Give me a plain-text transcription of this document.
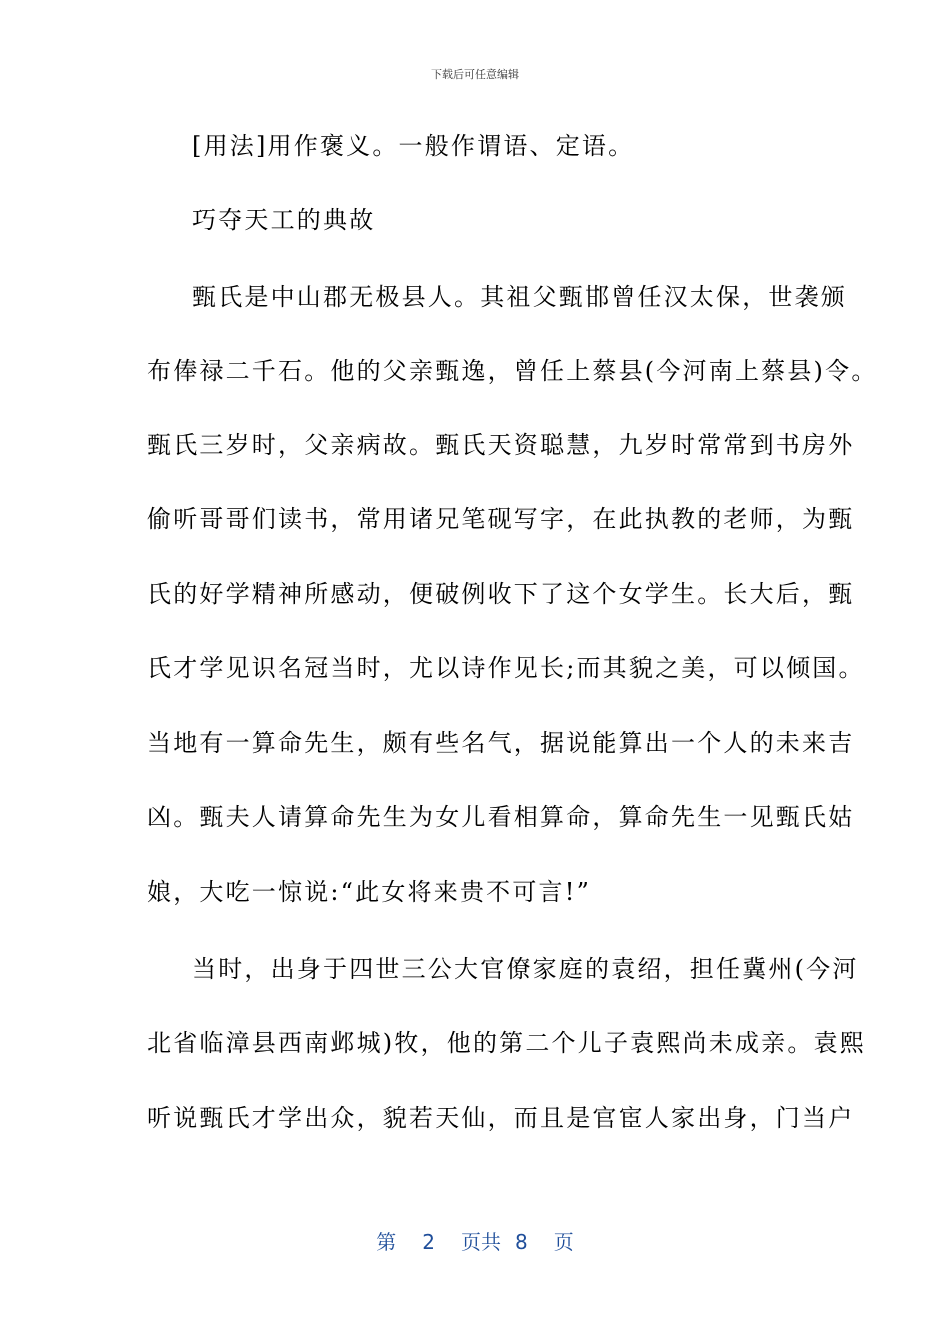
下载后可任意编辑
[用法]用作褒义。一般作谓语、定语。
巧夺天工的典故
甄氏是中山郡无极县人。其祖父甄邯曾任汉太保，世袭颁
布俸禄二千石。他的父亲甄逸，曾任上蔡县(今河南上蔡县)令。
甄氏三岁时，父亲病故。甄氏天资聪慧，九岁时常常到书房外
偷听哥哥们读书，常用诸兄笔砚写字，在此执教的老师，为甄
氏的好学精神所感动，便破例收下了这个女学生。长大后，甄
氏才学见识名冠当时，尤以诗作见长;而其貌之美，可以倾国。
当地有一算命先生，颇有些名气，据说能算出一个人的未来吉
凶。甄夫人请算命先生为女儿看相算命，算命先生一见甄氏姑
娘，大吃一惊说:“此女将来贵不可言!”
当时，出身于四世三公大官僚家庭的袁绍，担任冀州(今河
北省临漳县西南邺城)牧，他的第二个儿子袁熙尚未成亲。袁熙
听说甄氏才学出众，貌若天仙，而且是官宦人家出身，门当户
第 2 页共 8 页
